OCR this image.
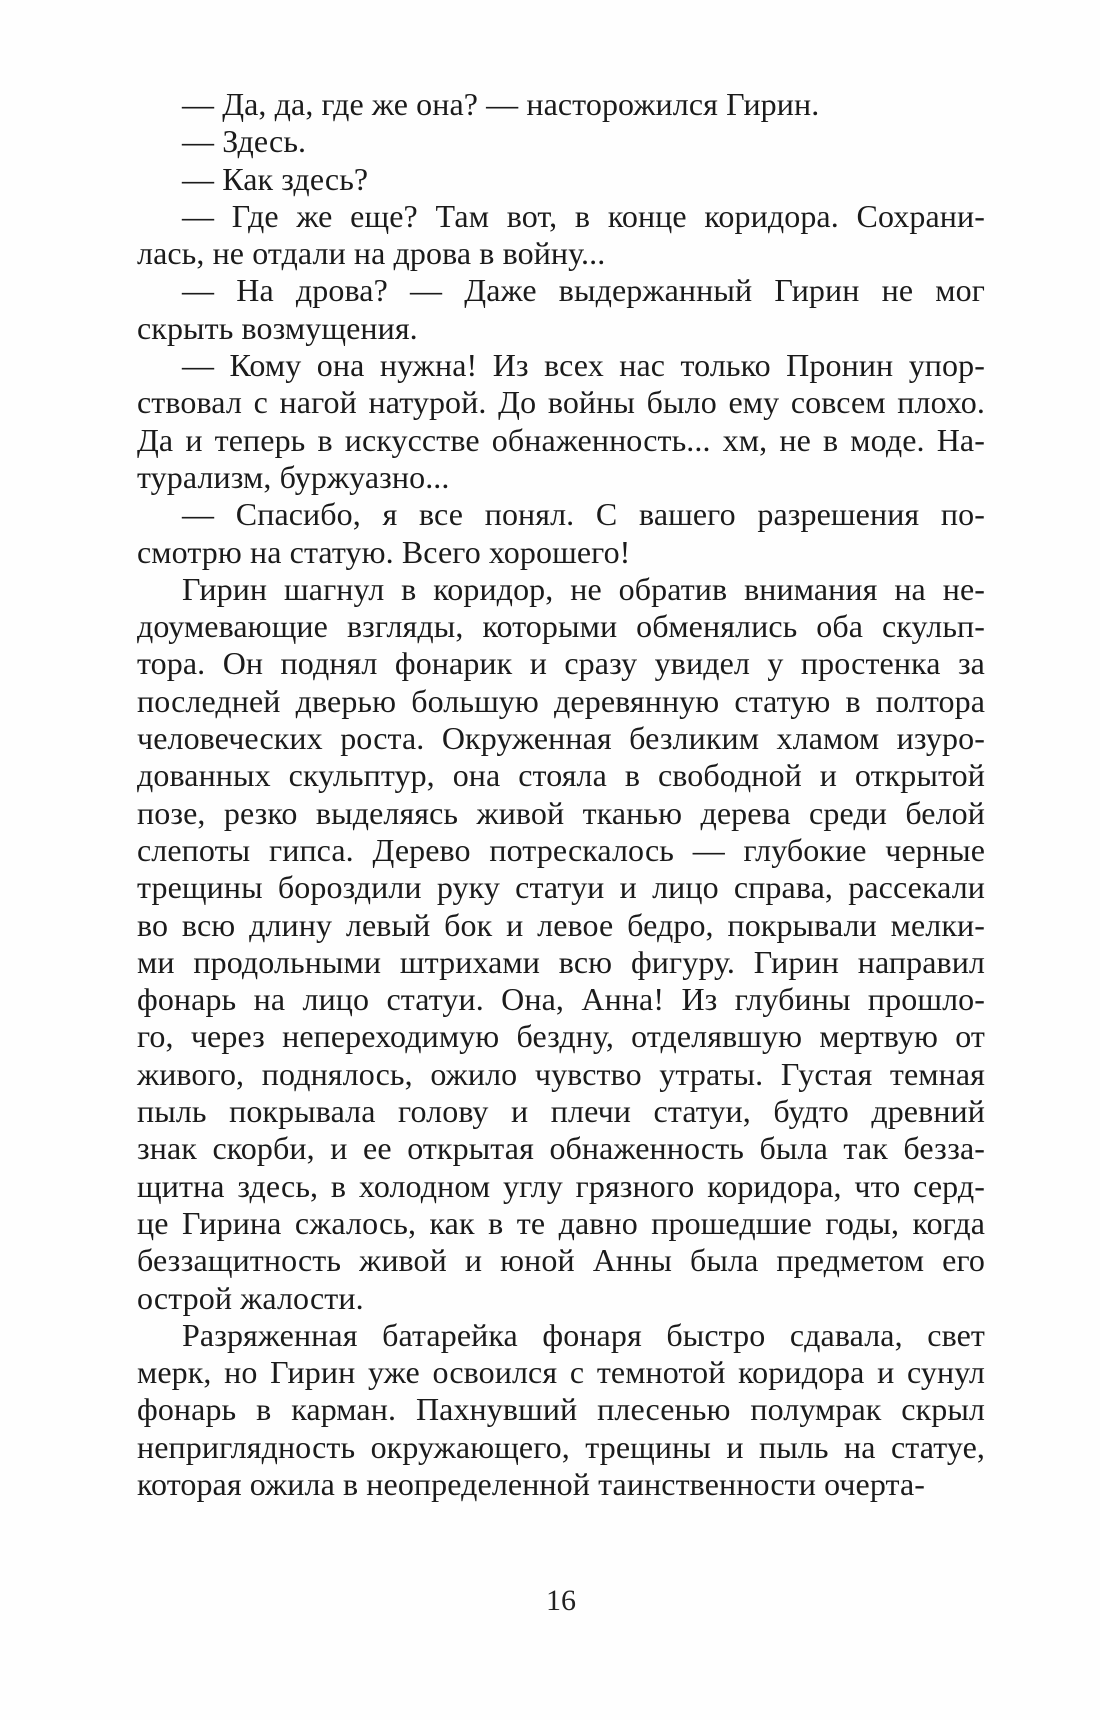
— Да, да, где же она? — насторожился Гирин.
— Здесь.
— Как здесь?
— Где же еще? Там вот, в конце коридора. Сохрани-
лась, не отдали на дрова в войну...
— На дрова? — Даже выдержанный Гирин не мог
скрыть возмущения.
— Кому она нужна! Из всех нас только Пронин упор-
ствовал с нагой натурой. До войны было ему совсем плохо.
Да и теперь в искусстве обнаженность... хм, не в моде. На-
турализм, буржуазно...
— Спасибо, я все понял. С вашего разрешения по-
смотрю на статую. Всего хорошего!
Гирин шагнул в коридор, не обратив внимания на не-
доумевающие взгляды, которыми обменялись оба скульп-
тора. Он поднял фонарик и сразу увидел у простенка за
последней дверью большую деревянную статую в полтора
человеческих роста. Окруженная безликим хламом изуро-
дованных скульптур, она стояла в свободной и открытой
позе, резко выделяясь живой тканью дерева среди белой
слепоты гипса. Дерево потрескалось — глубокие черные
трещины бороздили руку статуи и лицо справа, рассекали
во всю длину левый бок и левое бедро, покрывали мелки-
ми продольными штрихами всю фигуру. Гирин направил
фонарь на лицо статуи. Она, Анна! Из глубины прошло-
го, через непереходимую бездну, отделявшую мертвую от
живого, поднялось, ожило чувство утраты. Густая темная
пыль покрывала голову и плечи статуи, будто древний
знак скорби, и ее открытая обнаженность была так безза-
щитна здесь, в холодном углу грязного коридора, что серд-
це Гирина сжалось, как в те давно прошедшие годы, когда
беззащитность живой и юной Анны была предметом его
острой жалости.
Разряженная батарейка фонаря быстро сдавала, свет
мерк, но Гирин уже освоился с темнотой коридора и сунул
фонарь в карман. Пахнувший плесенью полумрак скрыл
неприглядность окружающего, трещины и пыль на статуе,
которая ожила в неопределенной таинственности очерта-
16
